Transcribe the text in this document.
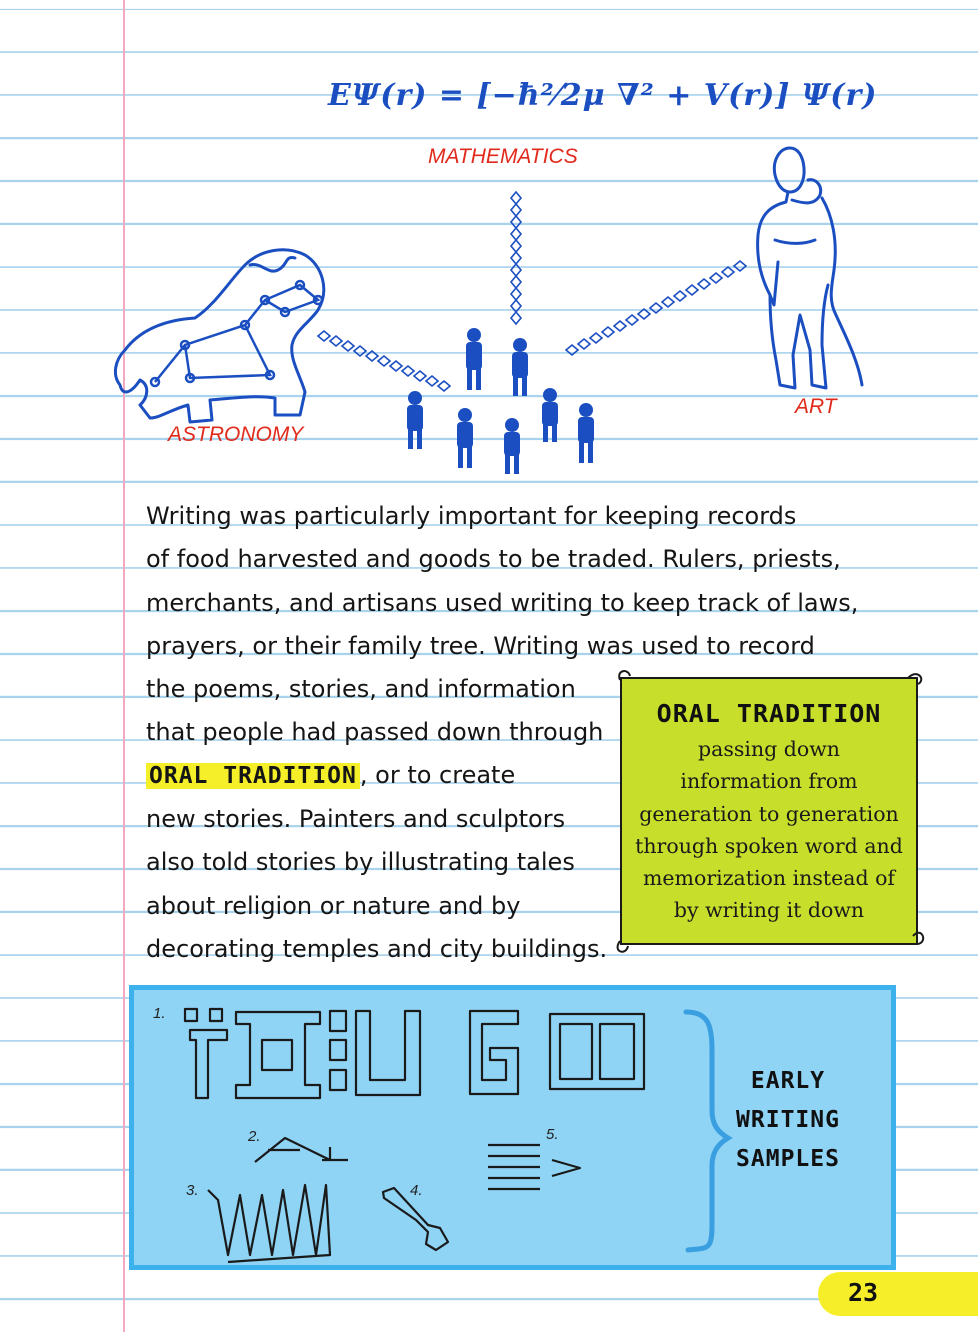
EΨ(r) = [−ħ²⁄2μ ∇² + V(r)] Ψ(r)
MATHEMATICS
ASTRONOMY
ART
Writing was particularly important for keeping records
of food harvested and goods to be traded. Rulers, priests,
merchants, and artisans used writing to keep track of laws,
prayers, or their family tree. Writing was used to record
the poems, stories, and information
that people had passed down through
ORAL TRADITION , or to create
new stories. Painters and sculptors
also told stories by illustrating tales
about religion or nature and by
decorating temples and city buildings.
ORAL TRADITION
passing down
information from
generation to generation
through spoken word and
memorization instead of
by writing it down
1.
2.
3.	4.
5.
EARLY
WRITING
SAMPLES
23
